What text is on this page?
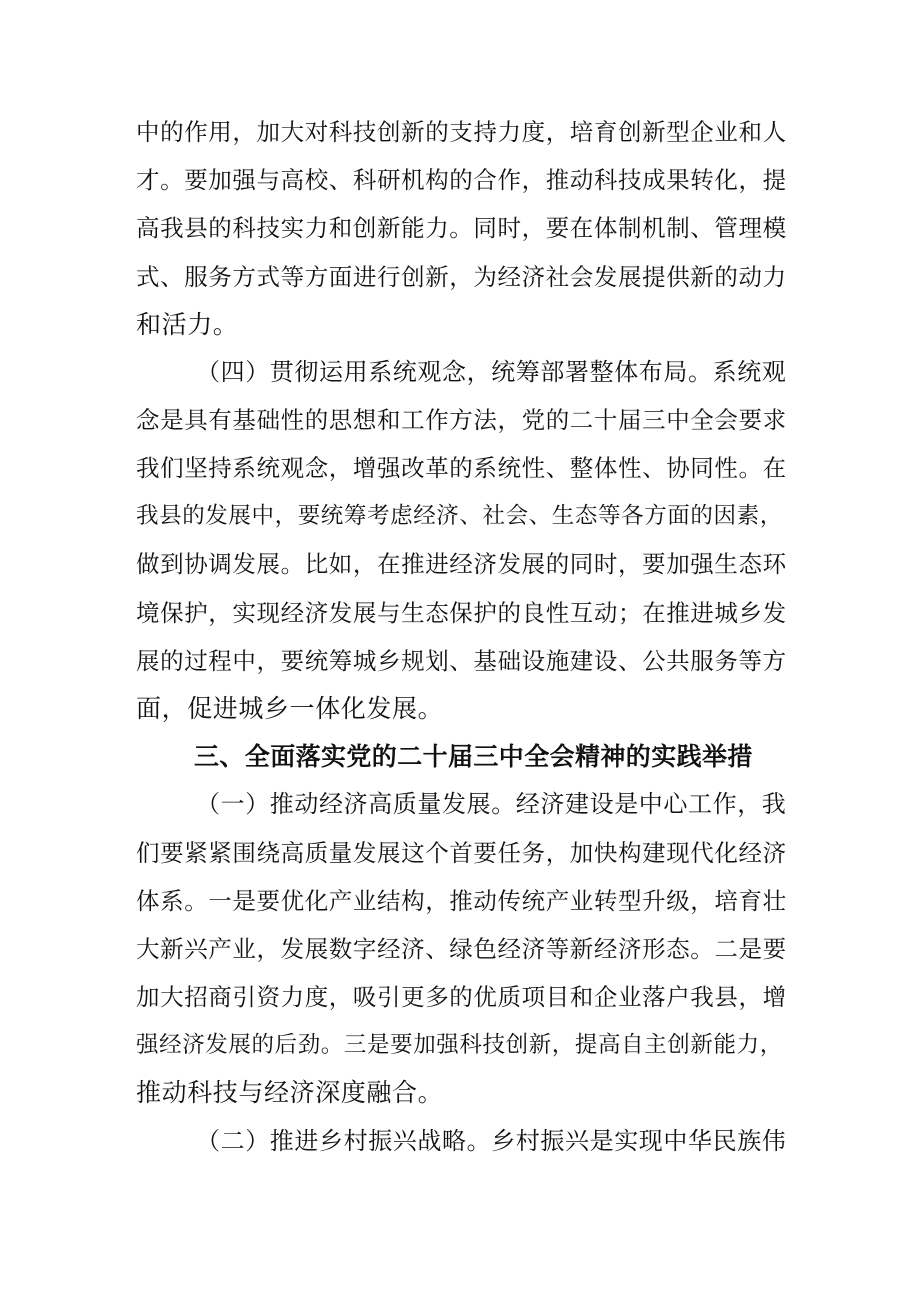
中的作用，加大对科技创新的支持力度，培育创新型企业和人
才。要加强与高校、科研机构的合作，推动科技成果转化，提
高我县的科技实力和创新能力。同时，要在体制机制、管理模
式、服务方式等方面进行创新，为经济社会发展提供新的动力
和活力。
（四）贯彻运用系统观念，统筹部署整体布局。系统观
念是具有基础性的思想和工作方法，党的二十届三中全会要求
我们坚持系统观念，增强改革的系统性、整体性、协同性。在
我县的发展中，要统筹考虑经济、社会、生态等各方面的因素，
做到协调发展。比如，在推进经济发展的同时，要加强生态环
境保护，实现经济发展与生态保护的良性互动；在推进城乡发
展的过程中，要统筹城乡规划、基础设施建设、公共服务等方
面，促进城乡一体化发展。
三、全面落实党的二十届三中全会精神的实践举措
（一）推动经济高质量发展。经济建设是中心工作，我
们要紧紧围绕高质量发展这个首要任务，加快构建现代化经济
体系。一是要优化产业结构，推动传统产业转型升级，培育壮
大新兴产业，发展数字经济、绿色经济等新经济形态。二是要
加大招商引资力度，吸引更多的优质项目和企业落户我县，增
强经济发展的后劲。三是要加强科技创新，提高自主创新能力，
推动科技与经济深度融合。
（二）推进乡村振兴战略。乡村振兴是实现中华民族伟
